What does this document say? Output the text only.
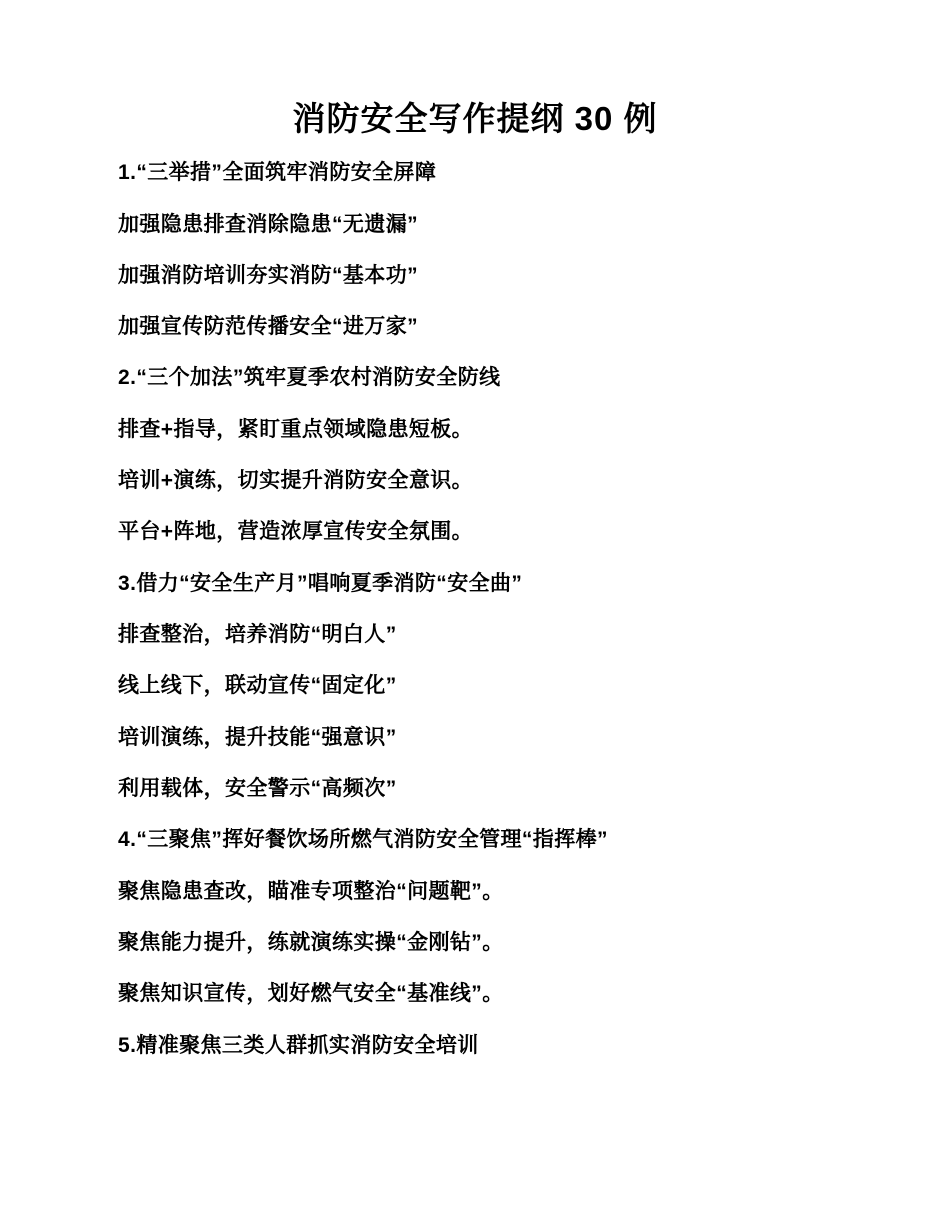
消防安全写作提纲 30 例

1.“三举措”全面筑牢消防安全屏障

加强隐患排查消除隐患“无遗漏”

加强消防培训夯实消防“基本功”

加强宣传防范传播安全“进万家”

2.“三个加法”筑牢夏季农村消防安全防线

排查+指导，紧盯重点领域隐患短板。

培训+演练，切实提升消防安全意识。

平台+阵地，营造浓厚宣传安全氛围。

3.借力“安全生产月”唱响夏季消防“安全曲”

排查整治，培养消防“明白人”

线上线下，联动宣传“固定化”

培训演练，提升技能“强意识”

利用载体，安全警示“高频次”

4.“三聚焦”挥好餐饮场所燃气消防安全管理“指挥棒”

聚焦隐患查改，瞄准专项整治“问题靶”。

聚焦能力提升，练就演练实操“金刚钻”。

聚焦知识宣传，划好燃气安全“基准线”。

5.精准聚焦三类人群抓实消防安全培训
